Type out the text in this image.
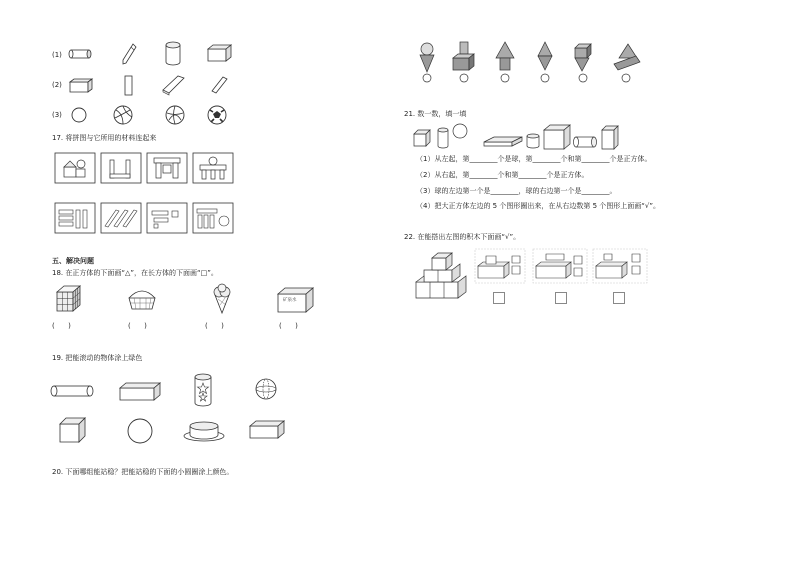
(1)
(2)
(3)
17. 将拼图与它所用的材料连起来
五、解决问题
18. 在正方体的下面画“△”，在长方体的下面画“□”。
矿泉水
(      )	(      )	(      )	(      )
19. 把能滚动的物体涂上绿色
20. 下面哪组能站稳？把能站稳的下面的小圆圈涂上颜色。
21. 数一数，填一填
（1）从左起，第________个是球，第________个和第________个是正方体。
（2）从右起，第________个和第________个是正方体。
（3）球的左边第一个是________，球的右边第一个是________。
（4）把大正方体左边的 5 个图形圈出来，在从右边数第 5 个图形上面画“√”。
22. 在能搭出左图的积木下面画“√”。
